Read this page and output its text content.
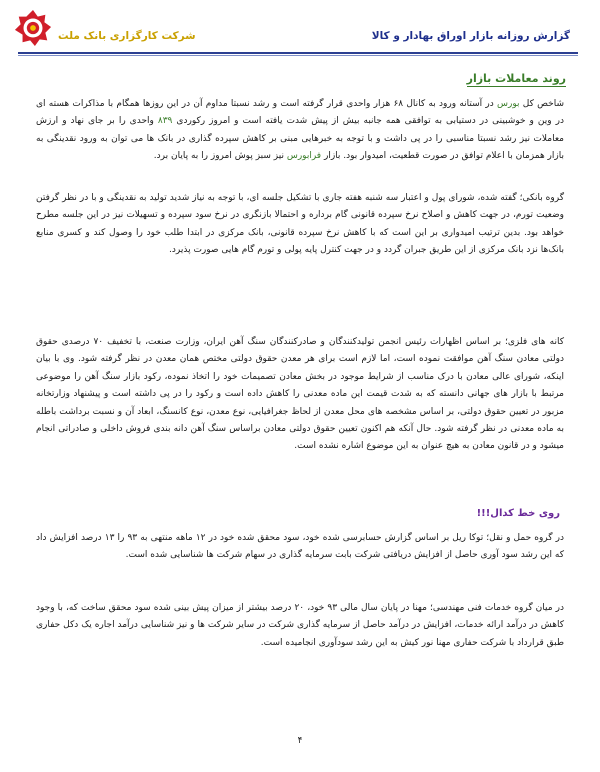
شرکت کارگزاری بانک ملت	گزارش روزانه بازار اوراق بهادار و کالا
روند معاملات بازار
شاخص کل بورس در آستانه ورود به کانال ۶۸ هزار واحدی قرار گرفته است و رشد نسبتا مداوم آن در این روزها همگام با مذاکرات هسته ای در وین و خوشبینی در دستیابی به توافقی همه جانبه بیش از پیش شدت یافته است و امروز رکوردی ۸۳۹ واحدی را بر جای نهاد و ارزش معاملات نیز رشد نسبتا مناسبی را در پی داشت و با توجه به خبرهایی مبنی بر کاهش سپرده گذاری در بانک ها می توان به ورود نقدینگی به بازار همزمان با اعلام توافق در صورت قطعیت، امیدوار بود. بازار فرابورس نیز سبز پوش امروز را به پایان برد.
گروه بانکی؛ گفته شده، شورای پول و اعتبار سه شنبه هفته جاری با تشکیل جلسه ای، با توجه به نیاز شدید تولید به نقدینگی و با در نظر گرفتن وضعیت تورم، در جهت کاهش و اصلاح نرخ سپرده قانونی گام برداره و احتمالا بازنگری در نرخ سود سپرده و تسهیلات نیز در این جلسه مطرح خواهد بود. بدین ترتیب امیدواری بر این است که با کاهش نرخ سپرده قانونی، بانک مرکزی در ابتدا طلب خود را وصول کند و کسری منابع بانک‌ها نزد بانک مرکزی از این طریق جبران گردد و در جهت کنترل پایه پولی و تورم گام هایی صورت پذیرد.
کانه های فلزی؛ بر اساس اظهارات رئیس انجمن تولیدکنندگان و صادرکنندگان سنگ آهن ایران، وزارت صنعت، با تخفیف ۷۰ درصدی حقوق دولتی معادن سنگ آهن موافقت نموده است، اما لازم است برای هر معدن حقوق دولتی مختص همان معدن در نظر گرفته شود. وی با بیان اینکه، شورای عالی معادن با درک مناسب از شرایط موجود در بخش معادن تصمیمات خود را اتخاذ نموده، رکود بازار سنگ آهن را موضوعی مرتبط با بازار های جهانی دانسته که به شدت قیمت این ماده معدنی را کاهش داده است و رکود را در پی داشته است و پیشنهاد وزارتخانه مزبور در تعیین حقوق دولتی، بر اساس مشخصه های محل معدن از لحاظ جغرافیایی، نوع معدن، نوع کانسنگ، ابعاد آن و نسبت برداشت باطله به ماده معدنی در نظر گرفته شود. حال آنکه هم اکنون تعیین حقوق دولتی معادن براساس سنگ آهن دانه بندی فروش داخلی و صادراتی انجام میشود و در قانون معادن به هیچ عنوان به این موضوع اشاره نشده است.
روی خط کدال!!!
در گروه حمل و نقل؛ توکا ریل بر اساس گزارش حسابرسی شده خود، سود محقق شده خود در ۱۲ ماهه منتهی به ۹۳ را ۱۳ درصد افزایش داد که این رشد سود آوری حاصل از افزایش دریافتی شرکت بابت سرمایه گذاری در سهام شرکت ها شناسایی شده است.
در میان گروه خدمات فنی مهندسی؛ مهنا در پایان سال مالی ۹۳ خود، ۲۰ درصد بیشتر از میزان پیش بینی شده سود محقق ساخت که، با وجود کاهش در درآمد ارائه خدمات، افزایش در درآمد حاصل از سرمایه گذاری شرکت در سایر شرکت ها و نیز شناسایی درآمد اجاره یک دکل حفاری طبق قرارداد با شرکت حفاری مهنا نور کیش به این رشد سودآوری انجامیده است.
۴
